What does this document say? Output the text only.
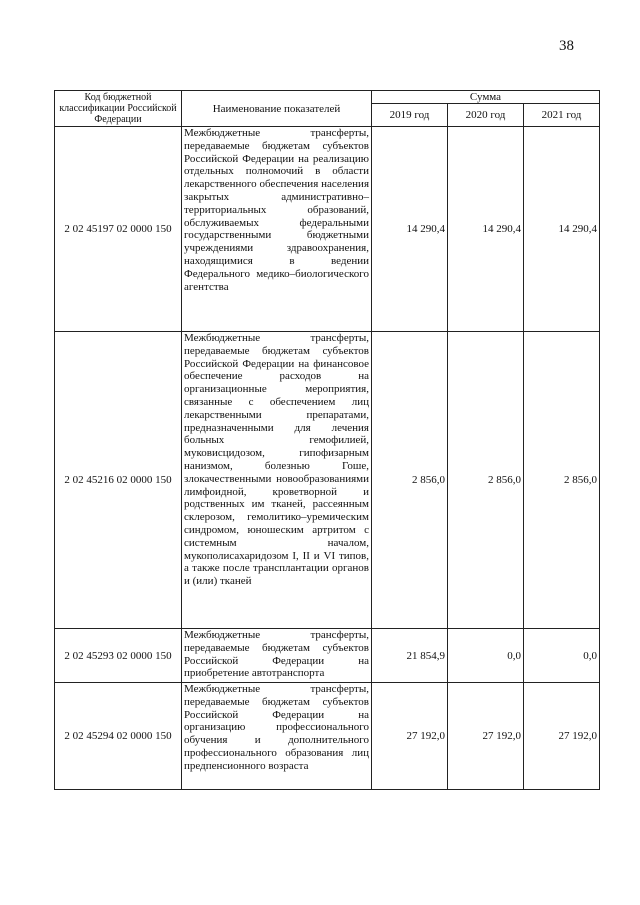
38
Код бюджетной классификации Российской Федерации	Наименование показателей	Сумма		
		2019 год	2020 год	2021 год
2 02 45197 02 0000 150	Межбюджетные трансферты, передаваемые бюджетам субъектов Российской Федерации на реализацию отдельных полномочий в области лекарственного обеспечения населения закрытых административно–территориальных образований, обслуживаемых федеральными государственными бюджетными учреждениями здравоохранения, находящимися в ведении Федерального медико–биологического агентства	14 290,4	14 290,4	14 290,4
2 02 45216 02 0000 150	Межбюджетные трансферты, передаваемые бюджетам субъектов Российской Федерации на финансовое обеспечение расходов на организационные мероприятия, связанные с обеспечением лиц лекарственными препаратами, предназначенными для лечения больных гемофилией, муковисцидозом, гипофизарным нанизмом, болезнью Гоше, злокачественными новообразованиями лимфоидной, кроветворной и родственных им тканей, рассеянным склерозом, гемолитико–уремическим синдромом, юношеским артритом с системным началом, мукополисахаридозом I, II и VI типов, а также после трансплантации органов и (или) тканей	2 856,0	2 856,0	2 856,0
2 02 45293 02 0000 150	Межбюджетные трансферты, передаваемые бюджетам субъектов Российской Федерации на приобретение автотранспорта	21 854,9	0,0	0,0
2 02 45294 02 0000 150	Межбюджетные трансферты, передаваемые бюджетам субъектов Российской Федерации на организацию профессионального обучения и дополнительного профессионального образования лиц предпенсионного возраста	27 192,0	27 192,0	27 192,0
